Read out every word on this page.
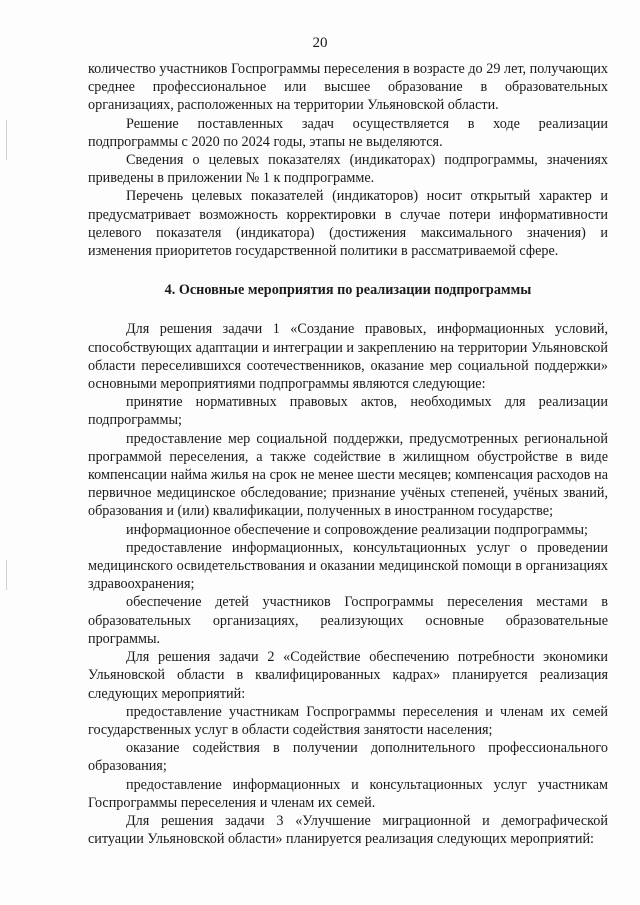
20

количество участников Госпрограммы переселения в возрасте до 29 лет, получающих среднее профессиональное или высшее образование в образовательных организациях, расположенных на территории Ульяновской области.

Решение поставленных задач осуществляется в ходе реализации подпрограммы с 2020 по 2024 годы, этапы не выделяются.

Сведения о целевых показателях (индикаторах) подпрограммы, значениях приведены в приложении № 1 к подпрограмме.

Перечень целевых показателей (индикаторов) носит открытый характер и предусматривает возможность корректировки в случае потери информативности целевого показателя (индикатора) (достижения максимального значения) и изменения приоритетов государственной политики в рассматриваемой сфере.

4. Основные мероприятия по реализации подпрограммы

Для решения задачи 1 «Создание правовых, информационных условий, способствующих адаптации и интеграции и закреплению на территории Ульяновской области переселившихся соотечественников, оказание мер социальной поддержки» основными мероприятиями подпрограммы являются следующие:

принятие нормативных правовых актов, необходимых для реализации подпрограммы;

предоставление мер социальной поддержки, предусмотренных региональной программой переселения, а также содействие в жилищном обустройстве в виде компенсации найма жилья на срок не менее шести месяцев; компенсация расходов на первичное медицинское обследование; признание учёных степеней, учёных званий, образования и (или) квалификации, полученных в иностранном государстве;

информационное обеспечение и сопровождение реализации подпрограммы;

предоставление информационных, консультационных услуг о проведении медицинского освидетельствования и оказании медицинской помощи в организациях здравоохранения;

обеспечение детей участников Госпрограммы переселения местами в образовательных организациях, реализующих основные образовательные программы.

Для решения задачи 2 «Содействие обеспечению потребности экономики Ульяновской области в квалифицированных кадрах» планируется реализация следующих мероприятий:

предоставление участникам Госпрограммы переселения и членам их семей государственных услуг в области содействия занятости населения;

оказание содействия в получении дополнительного профессионального образования;

предоставление информационных и консультационных услуг участникам Госпрограммы переселения и членам их семей.

Для решения задачи 3 «Улучшение миграционной и демографической ситуации Ульяновской области» планируется реализация следующих мероприятий:
